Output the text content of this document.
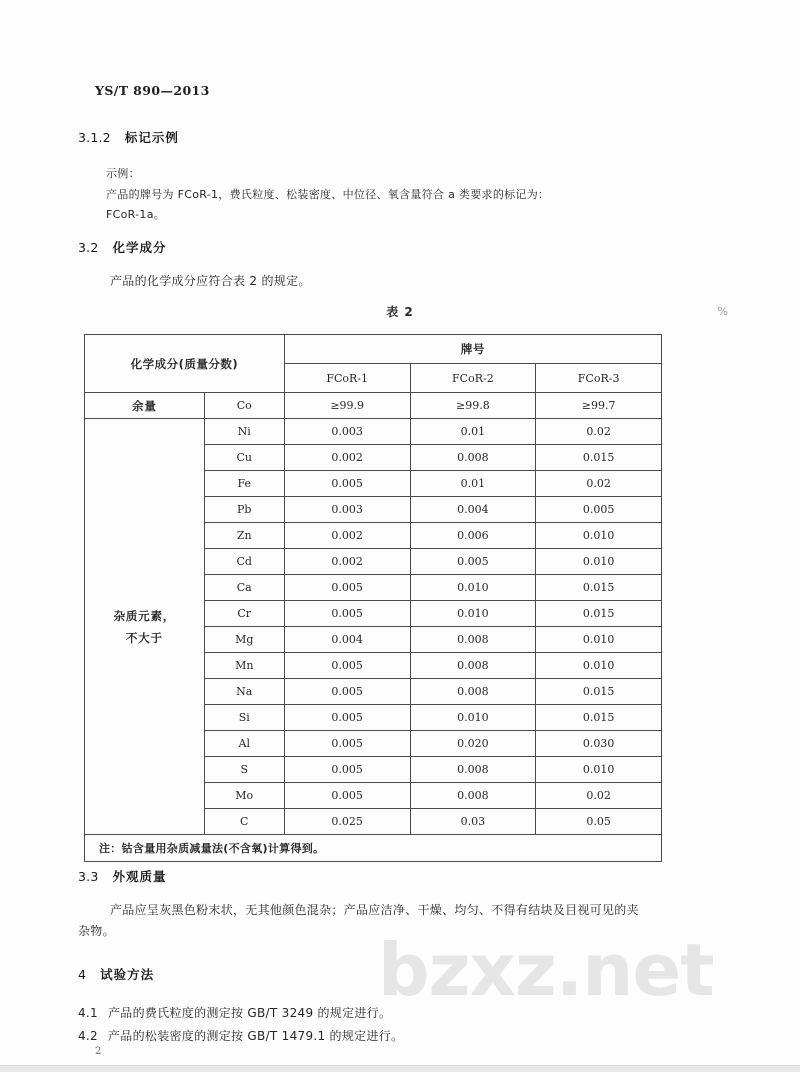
YS/T 890—2013
3.1.2 标记示例
示例：
产品的牌号为 FCoR-1，费氏粒度、松装密度、中位径、氧含量符合 a 类要求的标记为：
FCoR-1a。
3.2 化学成分
产品的化学成分应符合表 2 的规定。
表 2	%
化学成分(质量分数)		牌号		
		FCoR-1	FCoR-2	FCoR-3
余量	Co	≥99.9	≥99.8	≥99.7
杂质元素，
不大于	Ni	0.003	0.01	0.02
	Cu	0.002	0.008	0.015
	Fe	0.005	0.01	0.02
	Pb	0.003	0.004	0.005
	Zn	0.002	0.006	0.010
	Cd	0.002	0.005	0.010
	Ca	0.005	0.010	0.015
	Cr	0.005	0.010	0.015
	Mg	0.004	0.008	0.010
	Mn	0.005	0.008	0.010
	Na	0.005	0.008	0.015
	Si	0.005	0.010	0.015
	Al	0.005	0.020	0.030
	S	0.005	0.008	0.010
	Mo	0.005	0.008	0.02
	C	0.025	0.03	0.05
注：钴含量用杂质减量法(不含氧)计算得到。				
3.3 外观质量
产品应呈灰黑色粉末状，无其他颜色混杂；产品应洁净、干燥、均匀、不得有结块及目视可见的夹
杂物。	bzxz.net
4 试验方法
4.1 产品的费氏粒度的测定按 GB/T 3249 的规定进行。
4.2 产品的松装密度的测定按 GB/T 1479.1 的规定进行。
2
